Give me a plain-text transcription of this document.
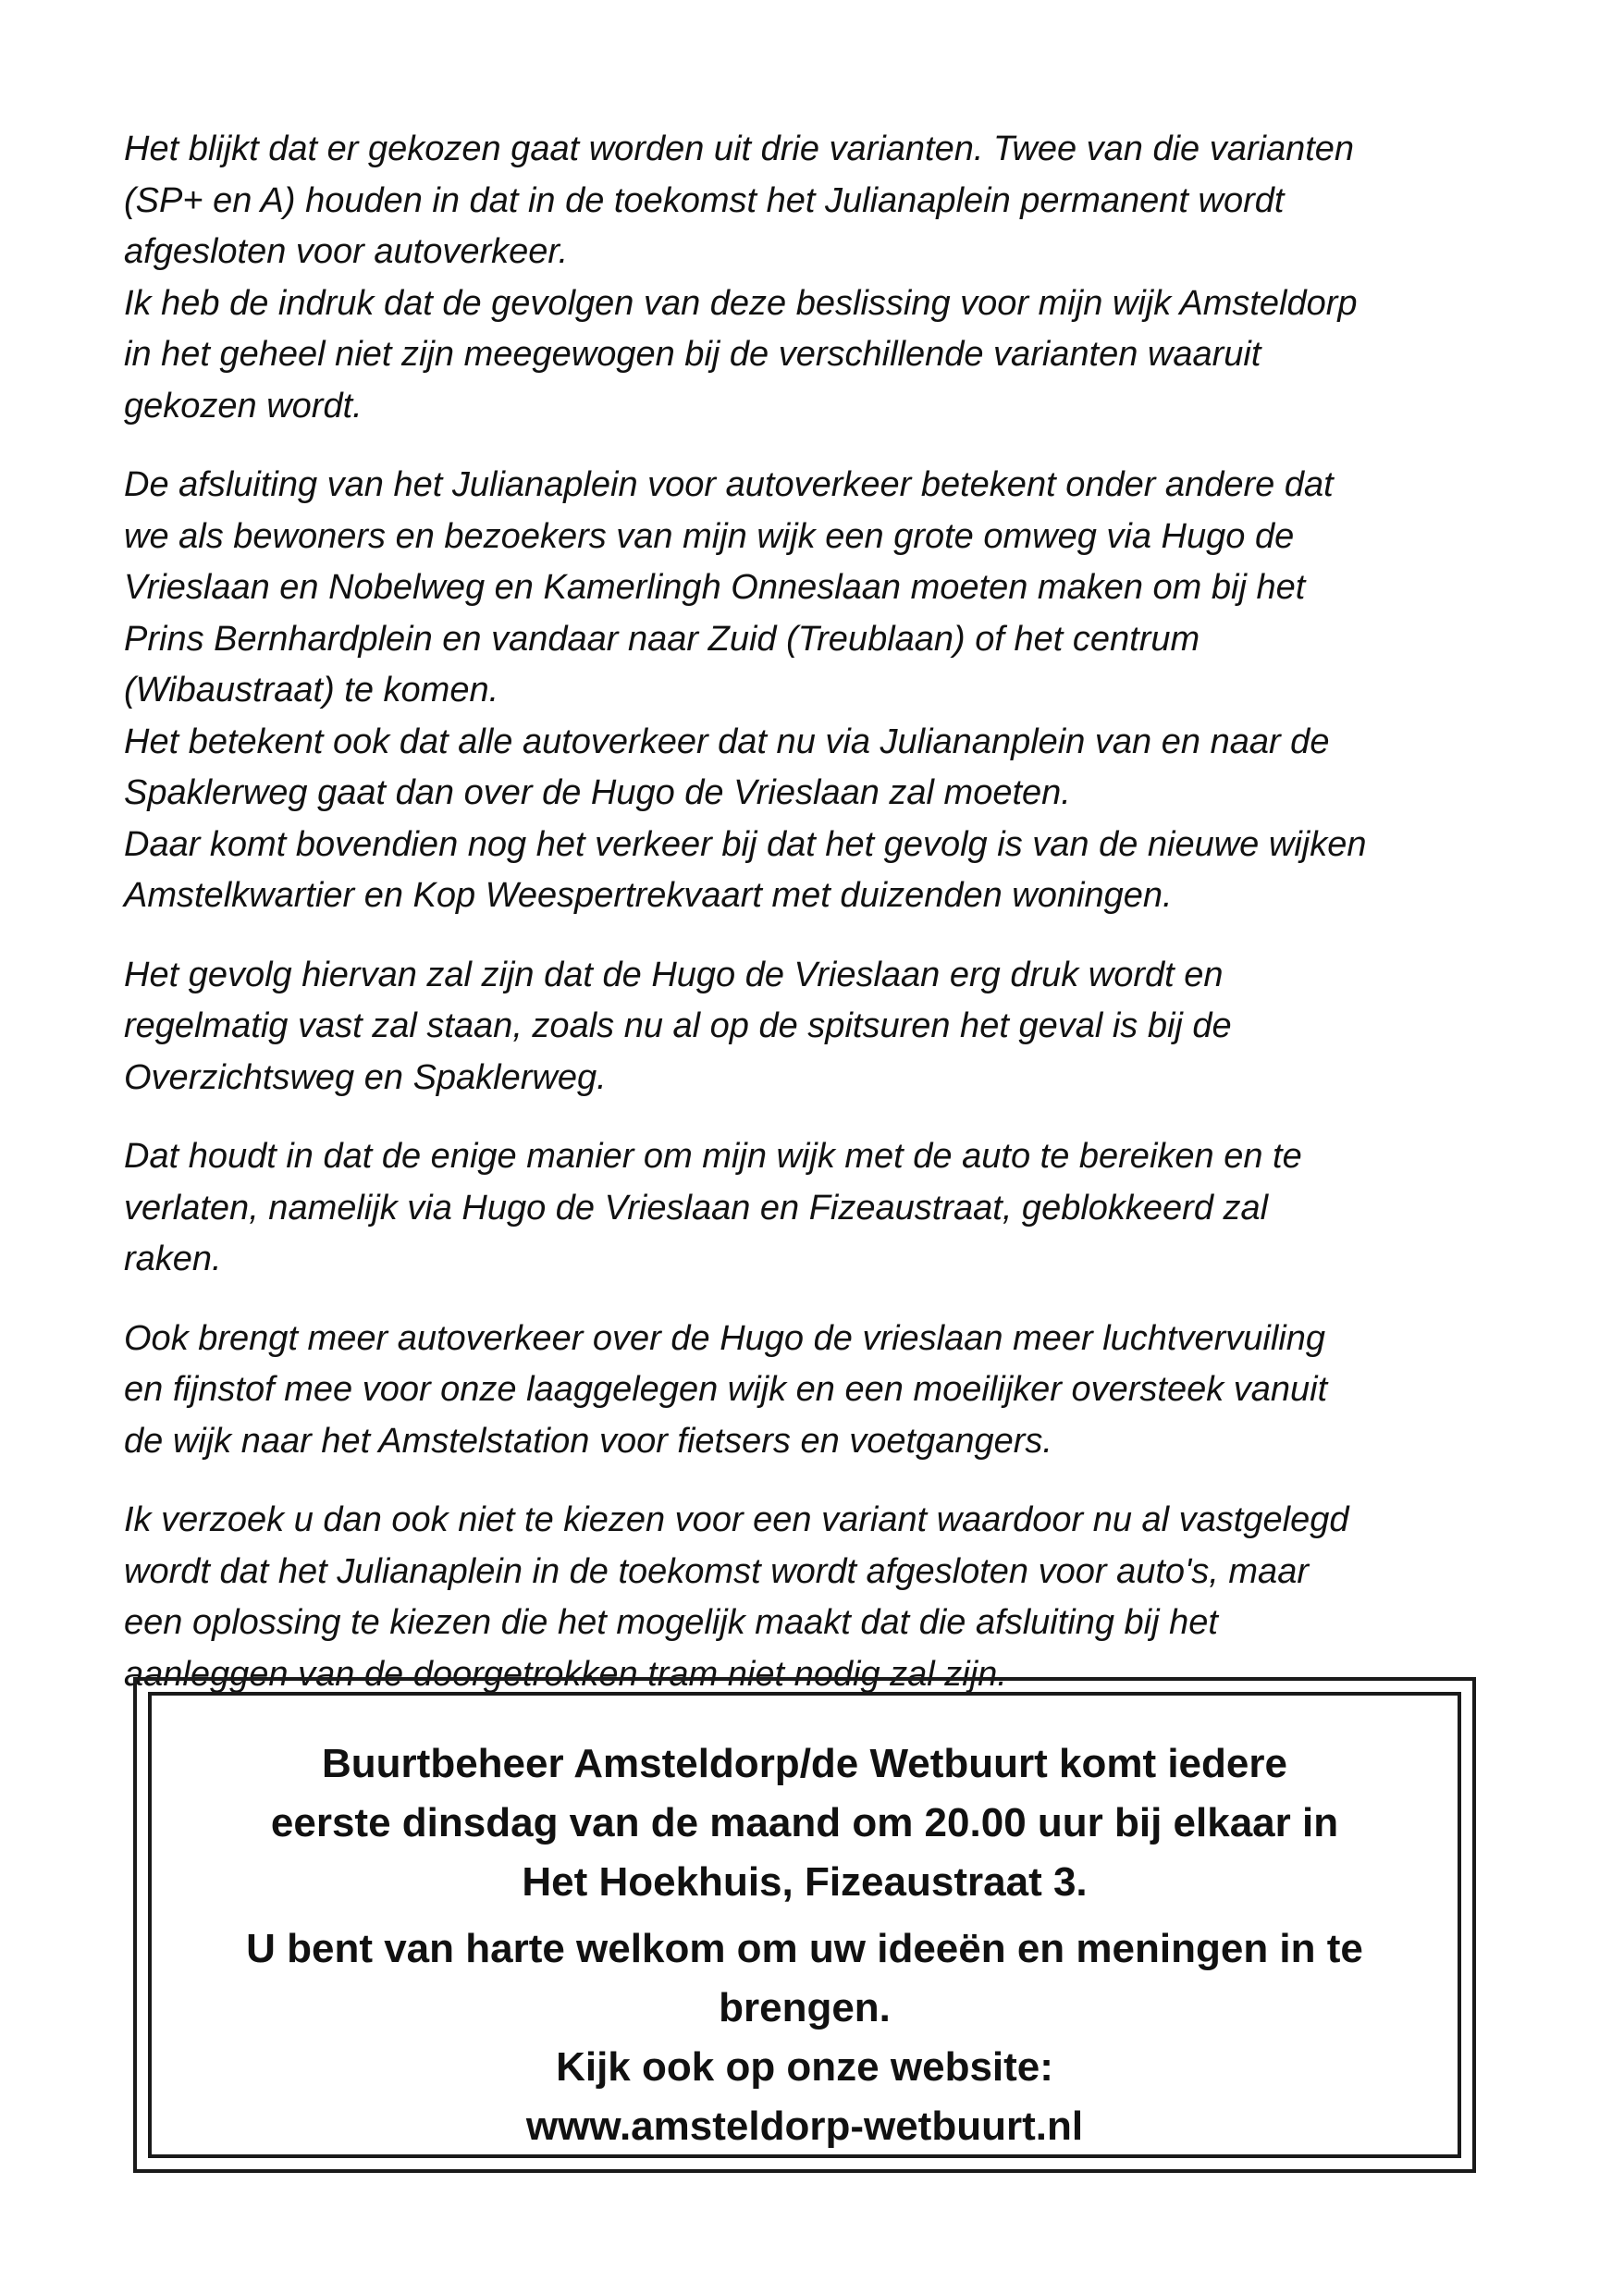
Het blijkt dat er gekozen gaat worden uit drie varianten. Twee van die varianten
(SP+ en A) houden in dat in de toekomst het Julianaplein permanent wordt
afgesloten voor autoverkeer.
Ik heb de indruk dat de gevolgen van deze beslissing voor mijn wijk Amsteldorp
in het geheel niet zijn meegewogen bij de verschillende varianten waaruit
gekozen wordt.

De afsluiting van het Julianaplein voor autoverkeer betekent onder andere dat
we als bewoners en bezoekers van mijn wijk een grote omweg via Hugo de
Vrieslaan en Nobelweg en Kamerlingh Onneslaan moeten maken om bij het
Prins Bernhardplein en vandaar naar Zuid (Treublaan) of het centrum
(Wibaustraat) te komen.
Het betekent ook dat alle autoverkeer dat nu via Juliananplein van en naar de
Spaklerweg gaat dan over de Hugo de Vrieslaan zal moeten.
Daar komt bovendien nog het verkeer bij dat het gevolg is van de nieuwe wijken
Amstelkwartier en Kop Weespertrekvaart met duizenden woningen.

Het gevolg hiervan zal zijn dat de Hugo de Vrieslaan erg druk wordt en
regelmatig vast zal staan, zoals nu al op de spitsuren het geval is bij de
Overzichtsweg en Spaklerweg.

Dat houdt in dat de enige manier om mijn wijk met de auto te bereiken en te
verlaten, namelijk via Hugo de Vrieslaan en Fizeaustraat, geblokkeerd zal
raken.

Ook brengt meer autoverkeer over de Hugo de vrieslaan meer luchtvervuiling
en fijnstof mee voor onze laaggelegen wijk en een moeilijker oversteek vanuit
de wijk naar het Amstelstation voor fietsers en voetgangers.

Ik verzoek u dan ook niet te kiezen voor een variant waardoor nu al vastgelegd
wordt dat het Julianaplein in de toekomst wordt afgesloten voor auto's, maar
een oplossing te kiezen die het mogelijk maakt dat die afsluiting bij het
aanleggen van de doorgetrokken tram niet nodig zal zijn.

Buurtbeheer Amsteldorp/de Wetbuurt komt iedere
eerste dinsdag van de maand om 20.00 uur bij elkaar in
Het Hoekhuis, Fizeaustraat 3.
U bent van harte welkom om uw ideeën en meningen in te
brengen.
Kijk ook op onze website:
www.amsteldorp-wetbuurt.nl
